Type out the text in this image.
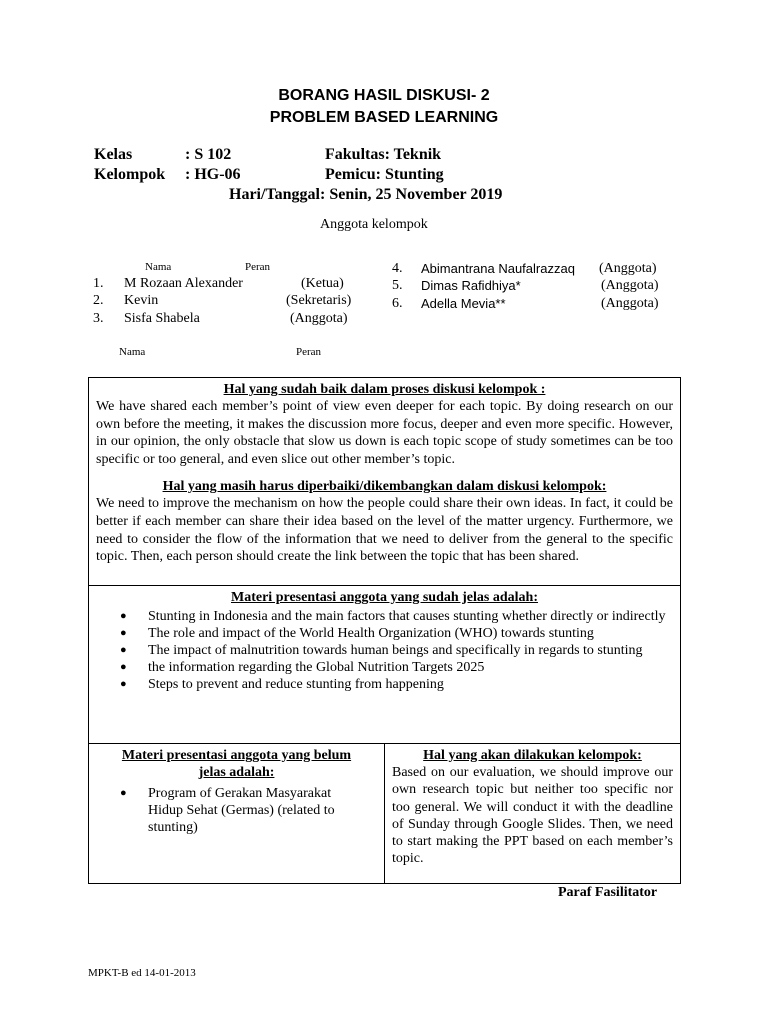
BORANG HASIL DISKUSI- 2
PROBLEM BASED LEARNING
Kelas	: S 102	Fakultas: Teknik
Kelompok : HG-06	Pemicu: Stunting
Hari/Tanggal: Senin, 25 November 2019
Anggota kelompok
Nama	Peran
1. M Rozaan Alexander	(Ketua)
2. Kevin	(Sekretaris)
3. Sisfa Shabela	(Anggota)
4. Abimantrana Naufalrazzaq (Anggota)
5. Dimas Rafidhiya*	(Anggota)
6. Adella Mevia**	(Anggota)
Nama	Peran
Hal yang sudah baik dalam proses diskusi kelompok :
We have shared each member’s point of view even deeper for each topic. By doing research on our own before the meeting, it makes the discussion more focus, deeper and even more specific. However, in our opinion, the only obstacle that slow us down is each topic scope of study sometimes can be too specific or too general, and even slice out other member’s topic.
Hal yang masih harus diperbaiki/dikembangkan dalam diskusi kelompok:
We need to improve the mechanism on how the people could share their own ideas. In fact, it could be better if each member can share their idea based on the level of the matter urgency. Furthermore, we need to consider the flow of the information that we need to deliver from the general to the specific topic. Then, each person should create the link between the topic that has been shared.
Materi presentasi anggota yang sudah jelas adalah:
● Stunting in Indonesia and the main factors that causes stunting whether directly or indirectly
● The role and impact of the World Health Organization (WHO) towards stunting
● The impact of malnutrition towards human beings and specifically in regards to stunting
● the information regarding the Global Nutrition Targets 2025
● Steps to prevent and reduce stunting from happening
Materi presentasi anggota yang belum jelas adalah:
● Program of Gerakan Masyarakat Hidup Sehat (Germas) (related to stunting)
Hal yang akan dilakukan kelompok:
Based on our evaluation, we should improve our own research topic but neither too specific nor too general. We will conduct it with the deadline of Sunday through Google Slides. Then, we need to start making the PPT based on each member’s topic.
Paraf Fasilitator
MPKT-B ed 14-01-2013
